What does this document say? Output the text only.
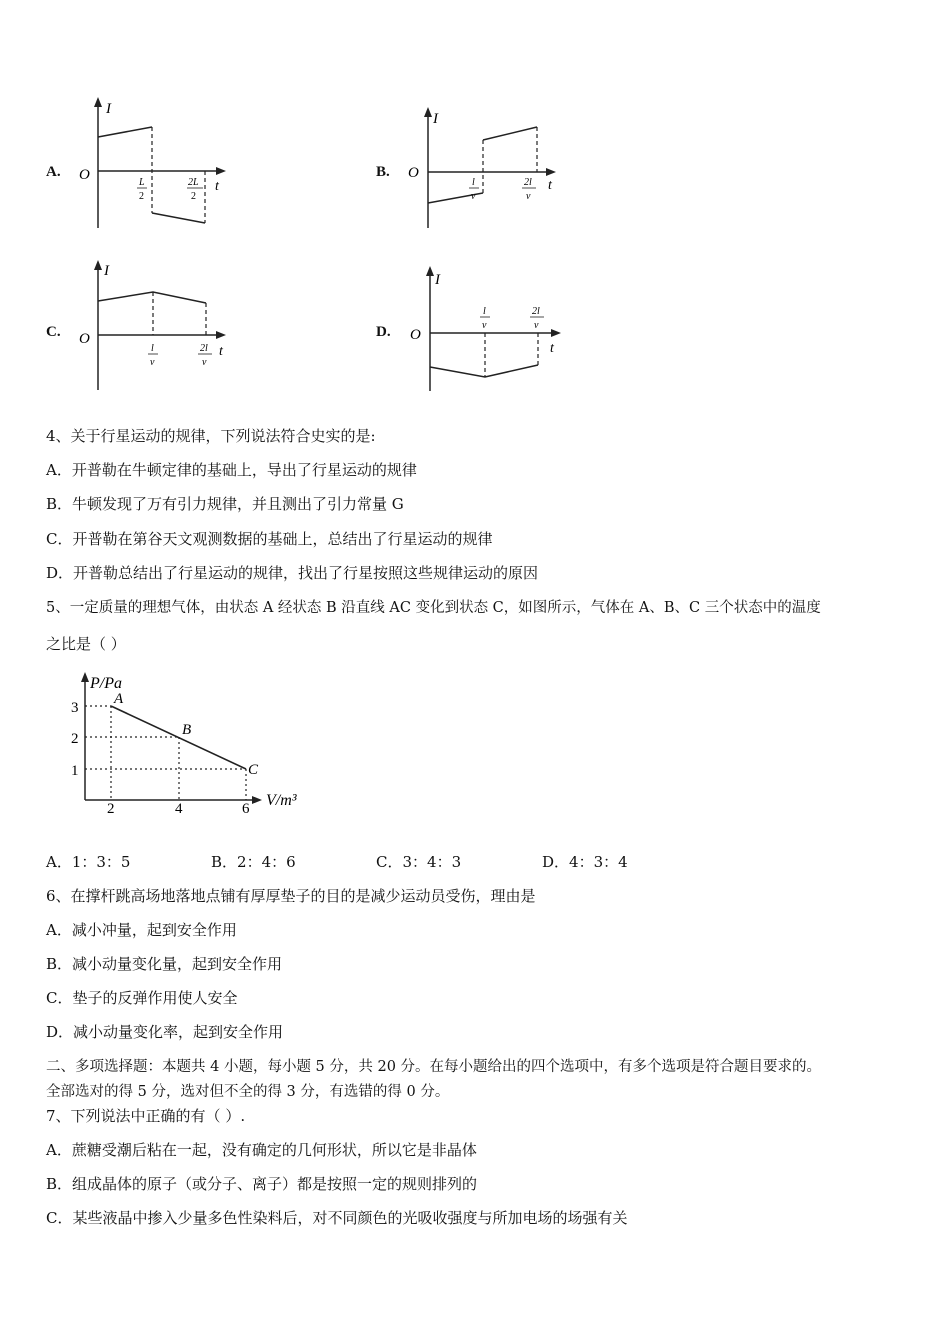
A.
I
O
t
L
2
2L
2
B.
I
O
t
l
v
2l
v
C.
I
O
t
l
v
2l
v
D.
I
O
t
l
v
2l
v
4、关于行星运动的规律，下列说法符合史实的是:
A．开普勒在牛顿定律的基础上，导出了行星运动的规律
B．牛顿发现了万有引力规律，并且测出了引力常量 G
C．开普勒在第谷天文观测数据的基础上，总结出了行星运动的规律
D．开普勒总结出了行星运动的规律，找出了行星按照这些规律运动的原因
5、一定质量的理想气体，由状态 A 经状态 B 沿直线 AC 变化到状态 C，如图所示，气体在 A、B、C 三个状态中的温度
之比是（ ）
P/Pa
A
B
C
3
2
1
2	4	6 V/m³
A．1：3：5	B．2：4：6	C．3：4：3	D．4：3：4
6、在撑杆跳高场地落地点铺有厚厚垫子的目的是减少运动员受伤，理由是
A．减小冲量，起到安全作用
B．减小动量变化量，起到安全作用
C．垫子的反弹作用使人安全
D．减小动量变化率，起到安全作用
二、多项选择题：本题共 4 小题，每小题 5 分，共 20 分。在每小题给出的四个选项中，有多个选项是符合题目要求的。
全部选对的得 5 分，选对但不全的得 3 分，有选错的得 0 分。
7、下列说法中正确的有（ ）.
A．蔗糖受潮后粘在一起，没有确定的几何形状，所以它是非晶体
B．组成晶体的原子（或分子、离子）都是按照一定的规则排列的
C．某些液晶中掺入少量多色性染料后，对不同颜色的光吸收强度与所加电场的场强有关
